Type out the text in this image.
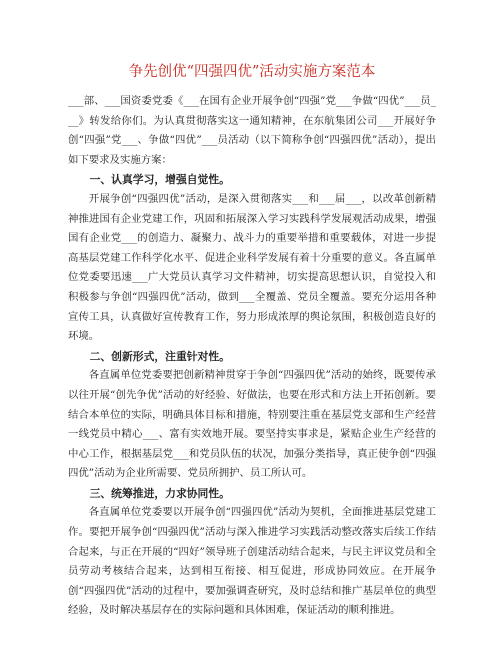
争先创优“四强四优”活动实施方案范本

___部、___国资委党委《___在国有企业开展争创“四强”党___争做“四优”___员___》转发给你们。为认真贯彻落实这一通知精神，在东航集团公司___开展好争创“四强”党___、争做“四优”___员活动（以下简称争创“四强四优”活动），提出如下要求及实施方案：

一、认真学习，增强自觉性。

开展争创“四强四优”活动，是深入贯彻落实___和___届___，以改革创新精神推进国有企业党建工作，巩固和拓展深入学习实践科学发展观活动成果，增强国有企业党___的创造力、凝聚力、战斗力的重要举措和重要载体，对进一步提高基层党建工作科学化水平、促进企业科学发展有着十分重要的意义。各直属单位党委要迅速___广大党员认真学习文件精神，切实提高思想认识，自觉投入和积极参与争创“四强四优”活动，做到___全覆盖、党员全覆盖。要充分运用各种宣传工具，认真做好宣传教育工作，努力形成浓厚的舆论氛围，积极创造良好的环境。

二、创新形式，注重针对性。

各直属单位党委要把创新精神贯穿于争创“四强四优”活动的始终，既要传承以往开展“创先争优”活动的好经验、好做法，也要在形式和方法上开拓创新。要结合本单位的实际，明确具体目标和措施，特别要注重在基层党支部和生产经营一线党员中精心___、富有实效地开展。要坚持实事求是，紧贴企业生产经营的中心工作，根据基层党___和党员队伍的状况，加强分类指导，真正使争创“四强四优”活动为企业所需要、党员所拥护、员工所认可。

三、统筹推进，力求协同性。

各直属单位党委要以开展争创“四强四优”活动为契机，全面推进基层党建工作。要把开展争创“四强四优”活动与深入推进学习实践活动整改落实后续工作结合起来，与正在开展的“四好”领导班子创建活动结合起来，与民主评议党员和全员劳动考核结合起来，达到相互衔接、相互促进，形成协同效应。在开展争创“四强四优”活动的过程中，要加强调查研究，及时总结和推广基层单位的典型经验，及时解决基层存在的实际问题和具体困难，保证活动的顺利推进。
